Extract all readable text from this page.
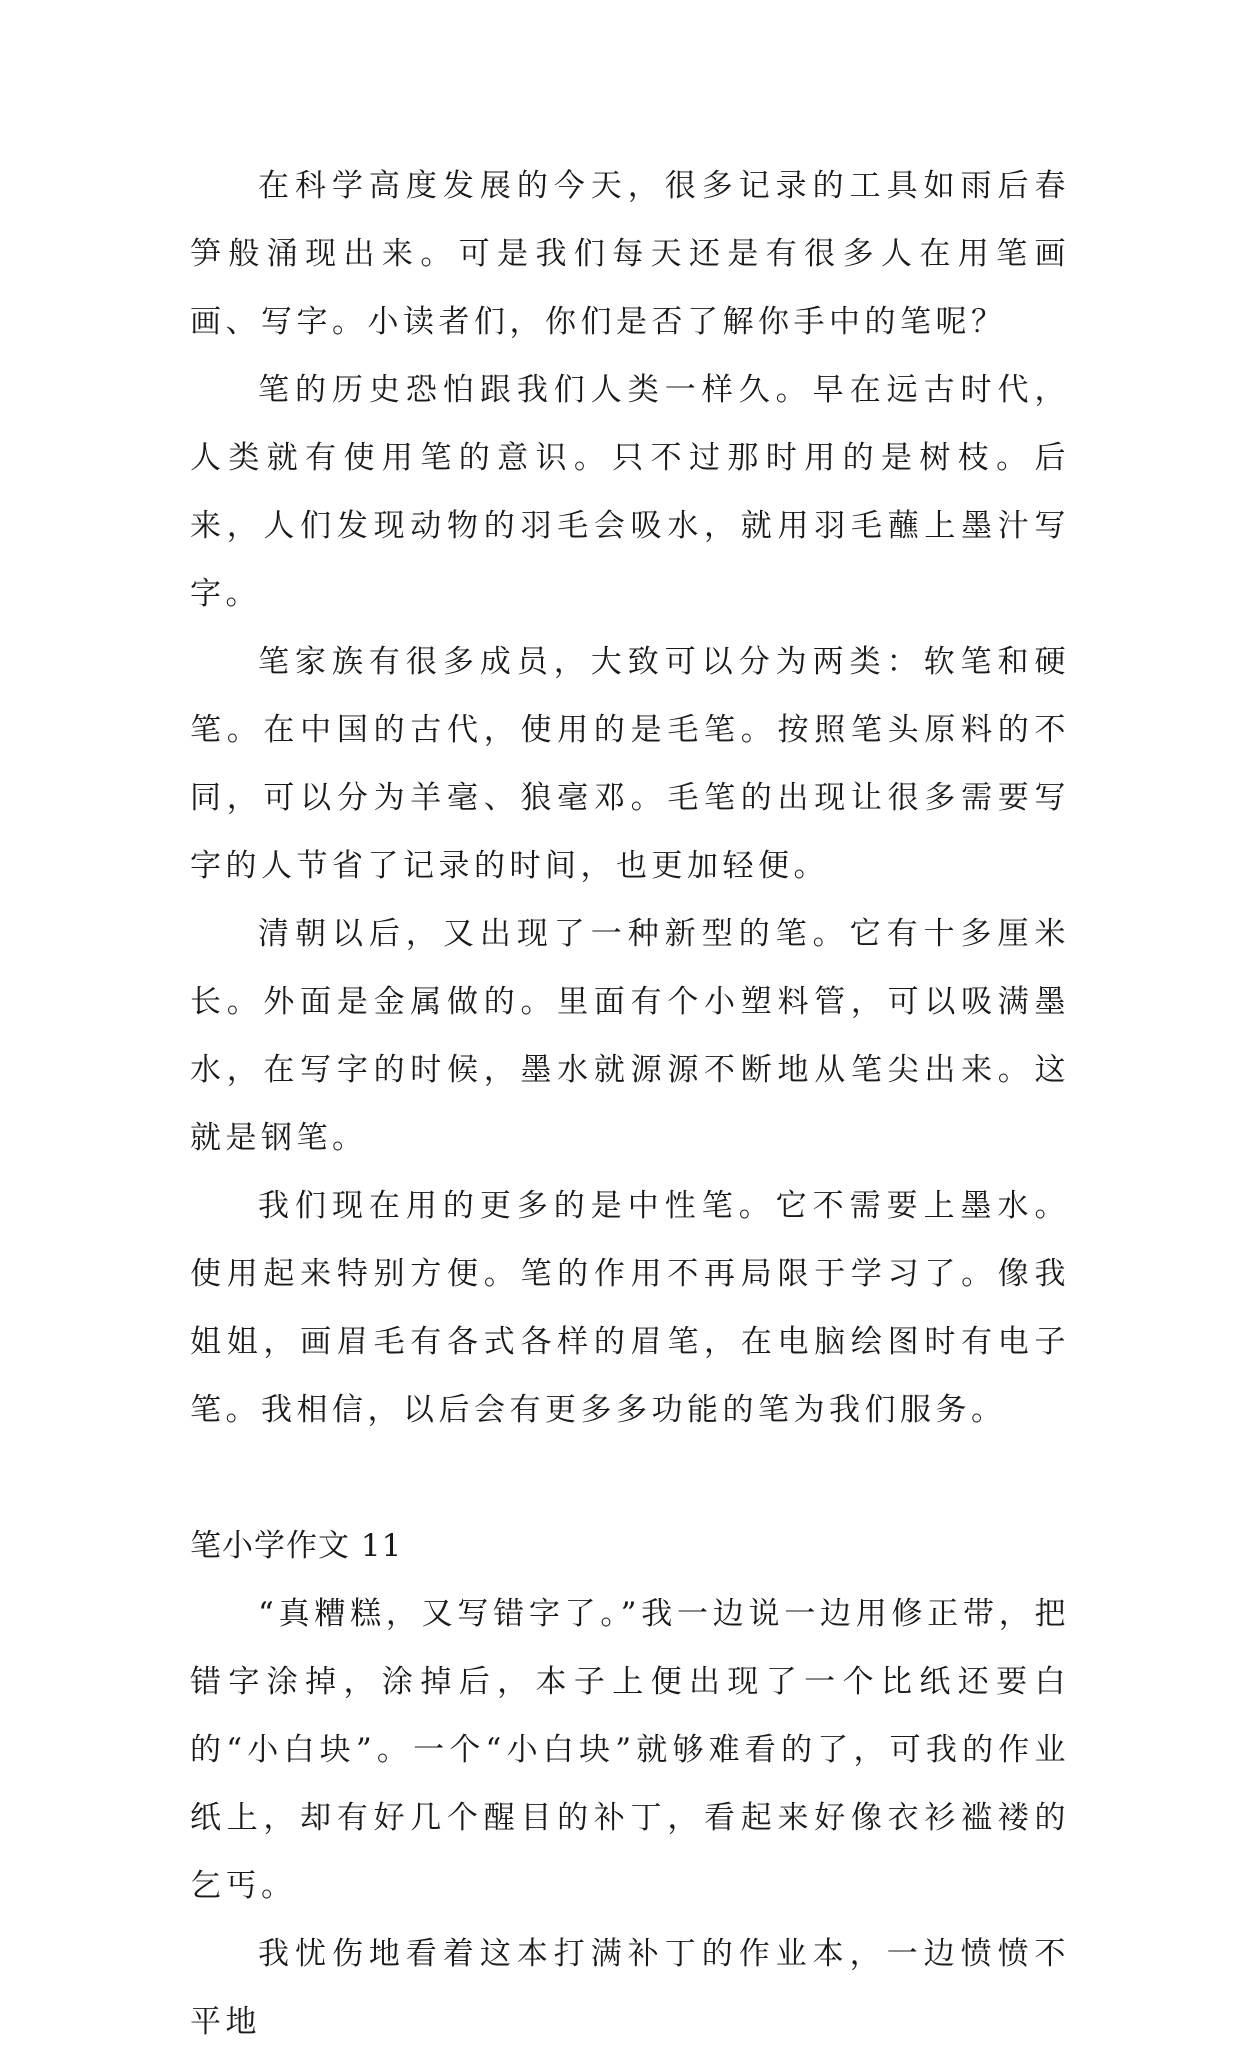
在科学高度发展的今天，很多记录的工具如雨后春笋般涌现出来。可是我们每天还是有很多人在用笔画画、写字。小读者们，你们是否了解你手中的笔呢？

笔的历史恐怕跟我们人类一样久。早在远古时代，人类就有使用笔的意识。只不过那时用的是树枝。后来，人们发现动物的羽毛会吸水，就用羽毛蘸上墨汁写字。

笔家族有很多成员，大致可以分为两类：软笔和硬笔。在中国的古代，使用的是毛笔。按照笔头原料的不同，可以分为羊毫、狼毫邓。毛笔的出现让很多需要写字的人节省了记录的时间，也更加轻便。

清朝以后，又出现了一种新型的笔。它有十多厘米长。外面是金属做的。里面有个小塑料管，可以吸满墨水，在写字的时候，墨水就源源不断地从笔尖出来。这就是钢笔。

我们现在用的更多的是中性笔。它不需要上墨水。使用起来特别方便。笔的作用不再局限于学习了。像我姐姐，画眉毛有各式各样的眉笔，在电脑绘图时有电子笔。我相信，以后会有更多多功能的笔为我们服务。

笔小学作文 11

“真糟糕，又写错字了。”我一边说一边用修正带，把错字涂掉，涂掉后，本子上便出现了一个比纸还要白的“小白块”。一个“小白块”就够难看的了，可我的作业纸上，却有好几个醒目的补丁，看起来好像衣衫褴褛的乞丐。

我忧伤地看着这本打满补丁的作业本，一边愤愤不平地
